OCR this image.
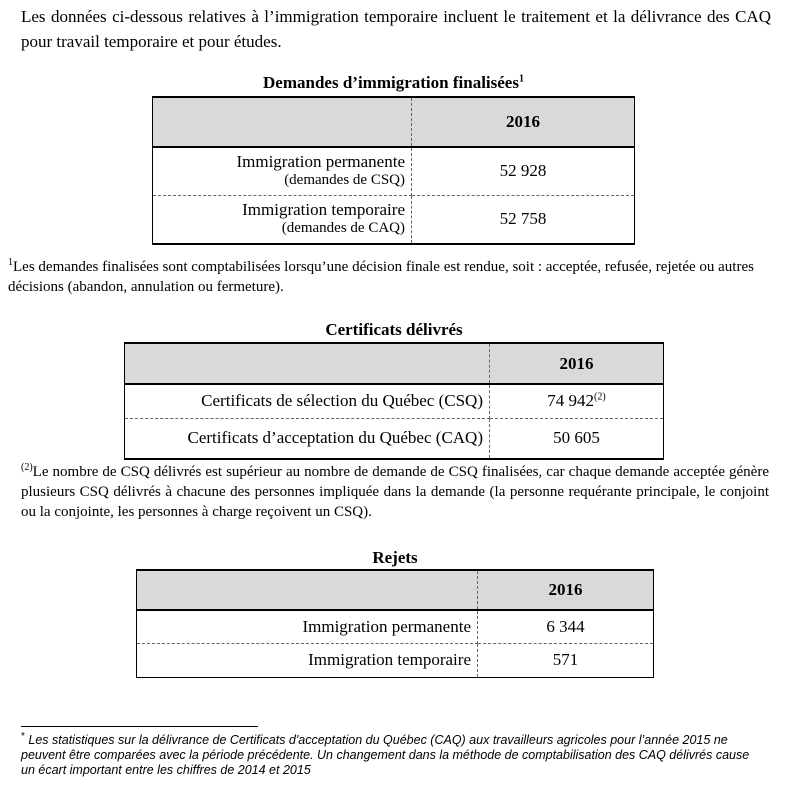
Les données ci-dessous relatives à l’immigration temporaire incluent le traitement et la délivrance des CAQ pour travail temporaire et pour études.
Demandes d’immigration finalisées$^1$
	2016

Immigration permanente
(demandes de CSQ)	52 928

Immigration temporaire
(demandes de CAQ)	52 758
$^1$Les demandes finalisées sont comptabilisées lorsqu’une décision finale est rendue, soit : acceptée, refusée, rejetée ou autres décisions (abandon, annulation ou fermeture).
Certificats délivrés
	2016
Certificats de sélection du Québec (CSQ)	74 942$^{(2)}$
Certificats d’acceptation du Québec (CAQ)	50 605
$^{(2)}$Le nombre de CSQ délivrés est supérieur au nombre de demande de CSQ finalisées, car chaque demande acceptée génère plusieurs CSQ délivrés à chacune des personnes impliquée dans la demande (la personne requérante principale, le conjoint ou la conjointe, les personnes à charge reçoivent un CSQ).
Rejets
	2016
Immigration permanente	6 344
Immigration temporaire	571
* Les statistiques sur la délivrance de Certificats d'acceptation du Québec (CAQ) aux travailleurs agricoles pour l’année 2015 ne peuvent être comparées avec la période précédente. Un changement dans la méthode de comptabilisation des CAQ délivrés cause un écart important entre les chiffres de 2014 et 2015
